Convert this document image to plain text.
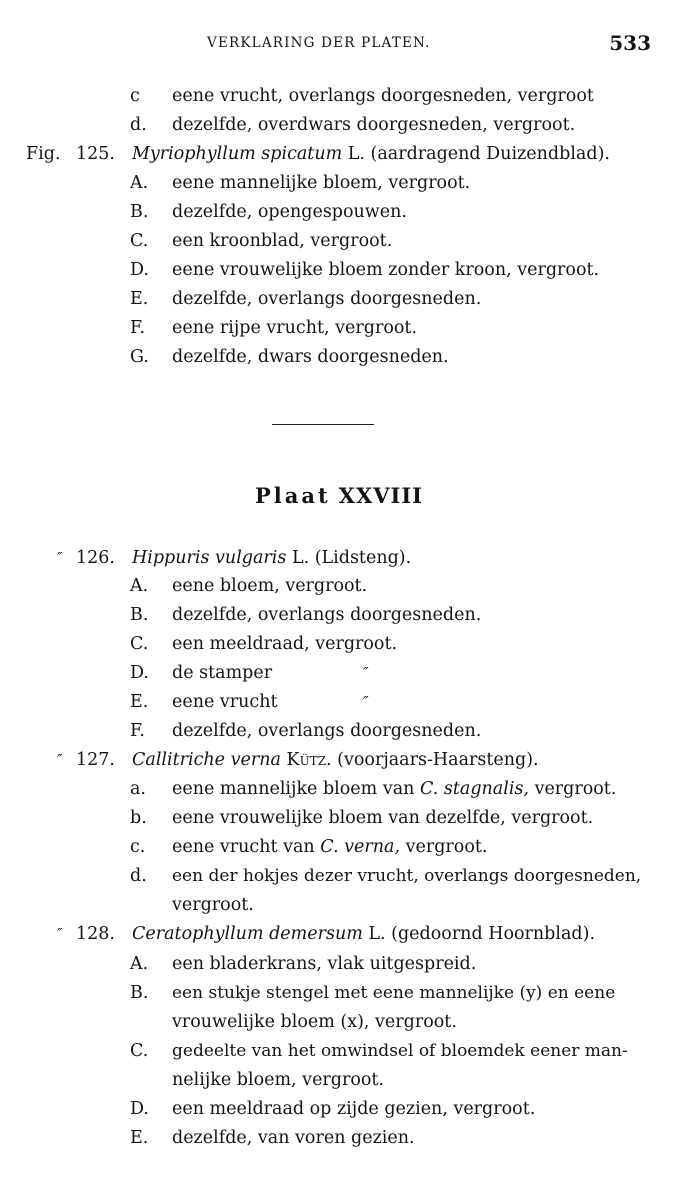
VERKLARING DER PLATEN.	533
c eene vrucht, overlangs doorgesneden, vergroot
d. dezelfde, overdwars doorgesneden, vergroot.
Fig. 125. Myriophyllum spicatum L. (aardragend Duizendblad).
A. eene mannelijke bloem, vergroot.
B. dezelfde, opengespouwen.
C. een kroonblad, vergroot.
D. eene vrouwelijke bloem zonder kroon, vergroot.
E. dezelfde, overlangs doorgesneden.
F. eene rijpe vrucht, vergroot.
G. dezelfde, dwars doorgesneden.
Plaat XXVIII
″ 126. Hippuris vulgaris L. (Lidsteng).
A. eene bloem, vergroot.
B. dezelfde, overlangs doorgesneden.
C. een meeldraad, vergroot.
D. de stamper	″
E. eene vrucht	″
F. dezelfde, overlangs doorgesneden.
″ 127. Callitriche verna Kütz. (voorjaars-Haarsteng).
a. eene mannelijke bloem van C. stagnalis, vergroot.
b. eene vrouwelijke bloem van dezelfde, vergroot.
c. eene vrucht van C. verna, vergroot.
d. een der hokjes dezer vrucht, overlangs doorgesneden,
vergroot.
″ 128. Ceratophyllum demersum L. (gedoornd Hoornblad).
A. een bladerkrans, vlak uitgespreid.
B. een stukje stengel met eene mannelijke (y) en eene
vrouwelijke bloem (x), vergroot.
C. gedeelte van het omwindsel of bloemdek eener man-
nelijke bloem, vergroot.
D. een meeldraad op zijde gezien, vergroot.
E. dezelfde, van voren gezien.
